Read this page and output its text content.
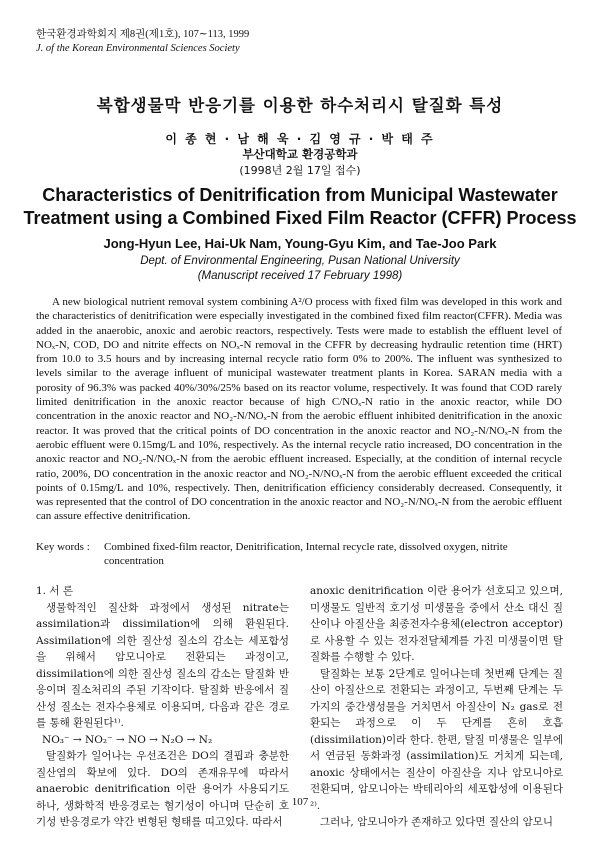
한국환경과학회지 제8권(제1호), 107∼113, 1999
J. of the Korean Environmental Sciences Society
복합생물막 반응기를 이용한 하수처리시 탈질화 특성
이 종 현 · 남 해 욱 · 김 영 규 · 박 태 주
부산대학교 환경공학과
(1998년 2월 17일 접수)
Characteristics of Denitrification from Municipal Wastewater
Treatment using a Combined Fixed Film Reactor (CFFR) Process
Jong-Hyun Lee, Hai-Uk Nam, Young-Gyu Kim, and Tae-Joo Park
Dept. of Environmental Engineering, Pusan National University
(Manuscript received 17 February 1998)

A new biological nutrient removal system combining A²/O process with fixed film was developed in this work and the characteristics of denitrification were especially investigated in the combined fixed film reactor(CFFR). Media was added in the anaerobic, anoxic and aerobic reactors, respectively. Tests were made to establish the effluent level of NOₓ-N, COD, DO and nitrite effects on NOₓ-N removal in the CFFR by decreasing hydraulic retention time (HRT) from 10.0 to 3.5 hours and by increasing internal recycle ratio form 0% to 200%. The influent was synthesized to levels similar to the average influent of municipal wastewater treatment plants in Korea. SARAN media with a porosity of 96.3% was packed 40%/30%/25% based on its reactor volume, respectively. It was found that COD rarely limited denitrification in the anoxic reactor because of high C/NOₓ-N ratio in the anoxic reactor, while DO concentration in the anoxic reactor and NO₂-N/NOₓ-N from the aerobic effluent inhibited denitrification in the anoxic reactor. It was proved that the critical points of DO concentration in the anoxic reactor and NO₂-N/NOₓ-N from the aerobic effluent were 0.15mg/L and 10%, respectively. As the internal recycle ratio increased, DO concentration in the anoxic reactor and NO₂-N/NOₓ-N from the aerobic effluent increased. Especially, at the condition of internal recycle ratio, 200%, DO concentration in the anoxic reactor and NO₂-N/NOₓ-N from the aerobic effluent exceeded the critical points of 0.15mg/L and 10%, respectively. Then, denitrification efficiency considerably decreased. Consequently, it was represented that the control of DO concentration in the anoxic reactor and NO₂-N/NOₓ-N from the aerobic effluent can assure effective denitrification.

Key words :	Combined fixed-film reactor, Denitrification, Internal recycle rate, dissolved oxygen, nitrite concentration

1. 서 론

생물학적인 질산화 과정에서 생성된 nitrate는 assimilation과 dissimilation에 의해 환원된다. Assimilation에 의한 질산성 질소의 감소는 세포합성을 위해서 암모니아로 전환되는 과정이고, dissimilation에 의한 질산성 질소의 감소는 탈질화 반응이며 질소처리의 주된 기작이다. 탈질화 반응에서 질산성 질소는 전자수용체로 이용되며, 다음과 같은 경로를 통해 환원된다¹⁾.

NO₃⁻ → NO₂⁻ → NO → N₂O → N₂

탈질화가 일어나는 우선조건은 DO의 결핍과 충분한 질산염의 확보에 있다. DO의 존재유무에 따라서 anaerobic denitrification 이란 용어가 사용되기도 하나, 생화학적 반응경로는 혐기성이 아니며 단순히 호기성 반응경로가 약간 변형된 형태를 띠고있다. 따라서

anoxic denitrification 이란 용어가 선호되고 있으며, 미생물도 일반적 호기성 미생물을 중에서 산소 대신 질산이나 아질산을 최종전자수용체(electron acceptor)로 사용할 수 있는 전자전달체계를 가진 미생물이면 탈질화를 수행할 수 있다.

탈질화는 보통 2단계로 일어나는데 첫번째 단계는 질산이 아질산으로 전환되는 과정이고, 두번째 단계는 두가지의 중간생성물을 거치면서 아질산이 N₂ gas로 전환되는 과정으로 이 두 단계를 흔히 호흡 (dissimilation)이라 한다. 한편, 탈질 미생물은 일부에서 연금된 동화과정 (assimilation)도 거치게 되는데, anoxic 상태에서는 질산이 아질산을 지나 암모니아로 전환되며, 암모니아는 박테리아의 세포합성에 이용된다²⁾.

그러나, 암모니아가 존재하고 있다면 질산의 암모니

107
